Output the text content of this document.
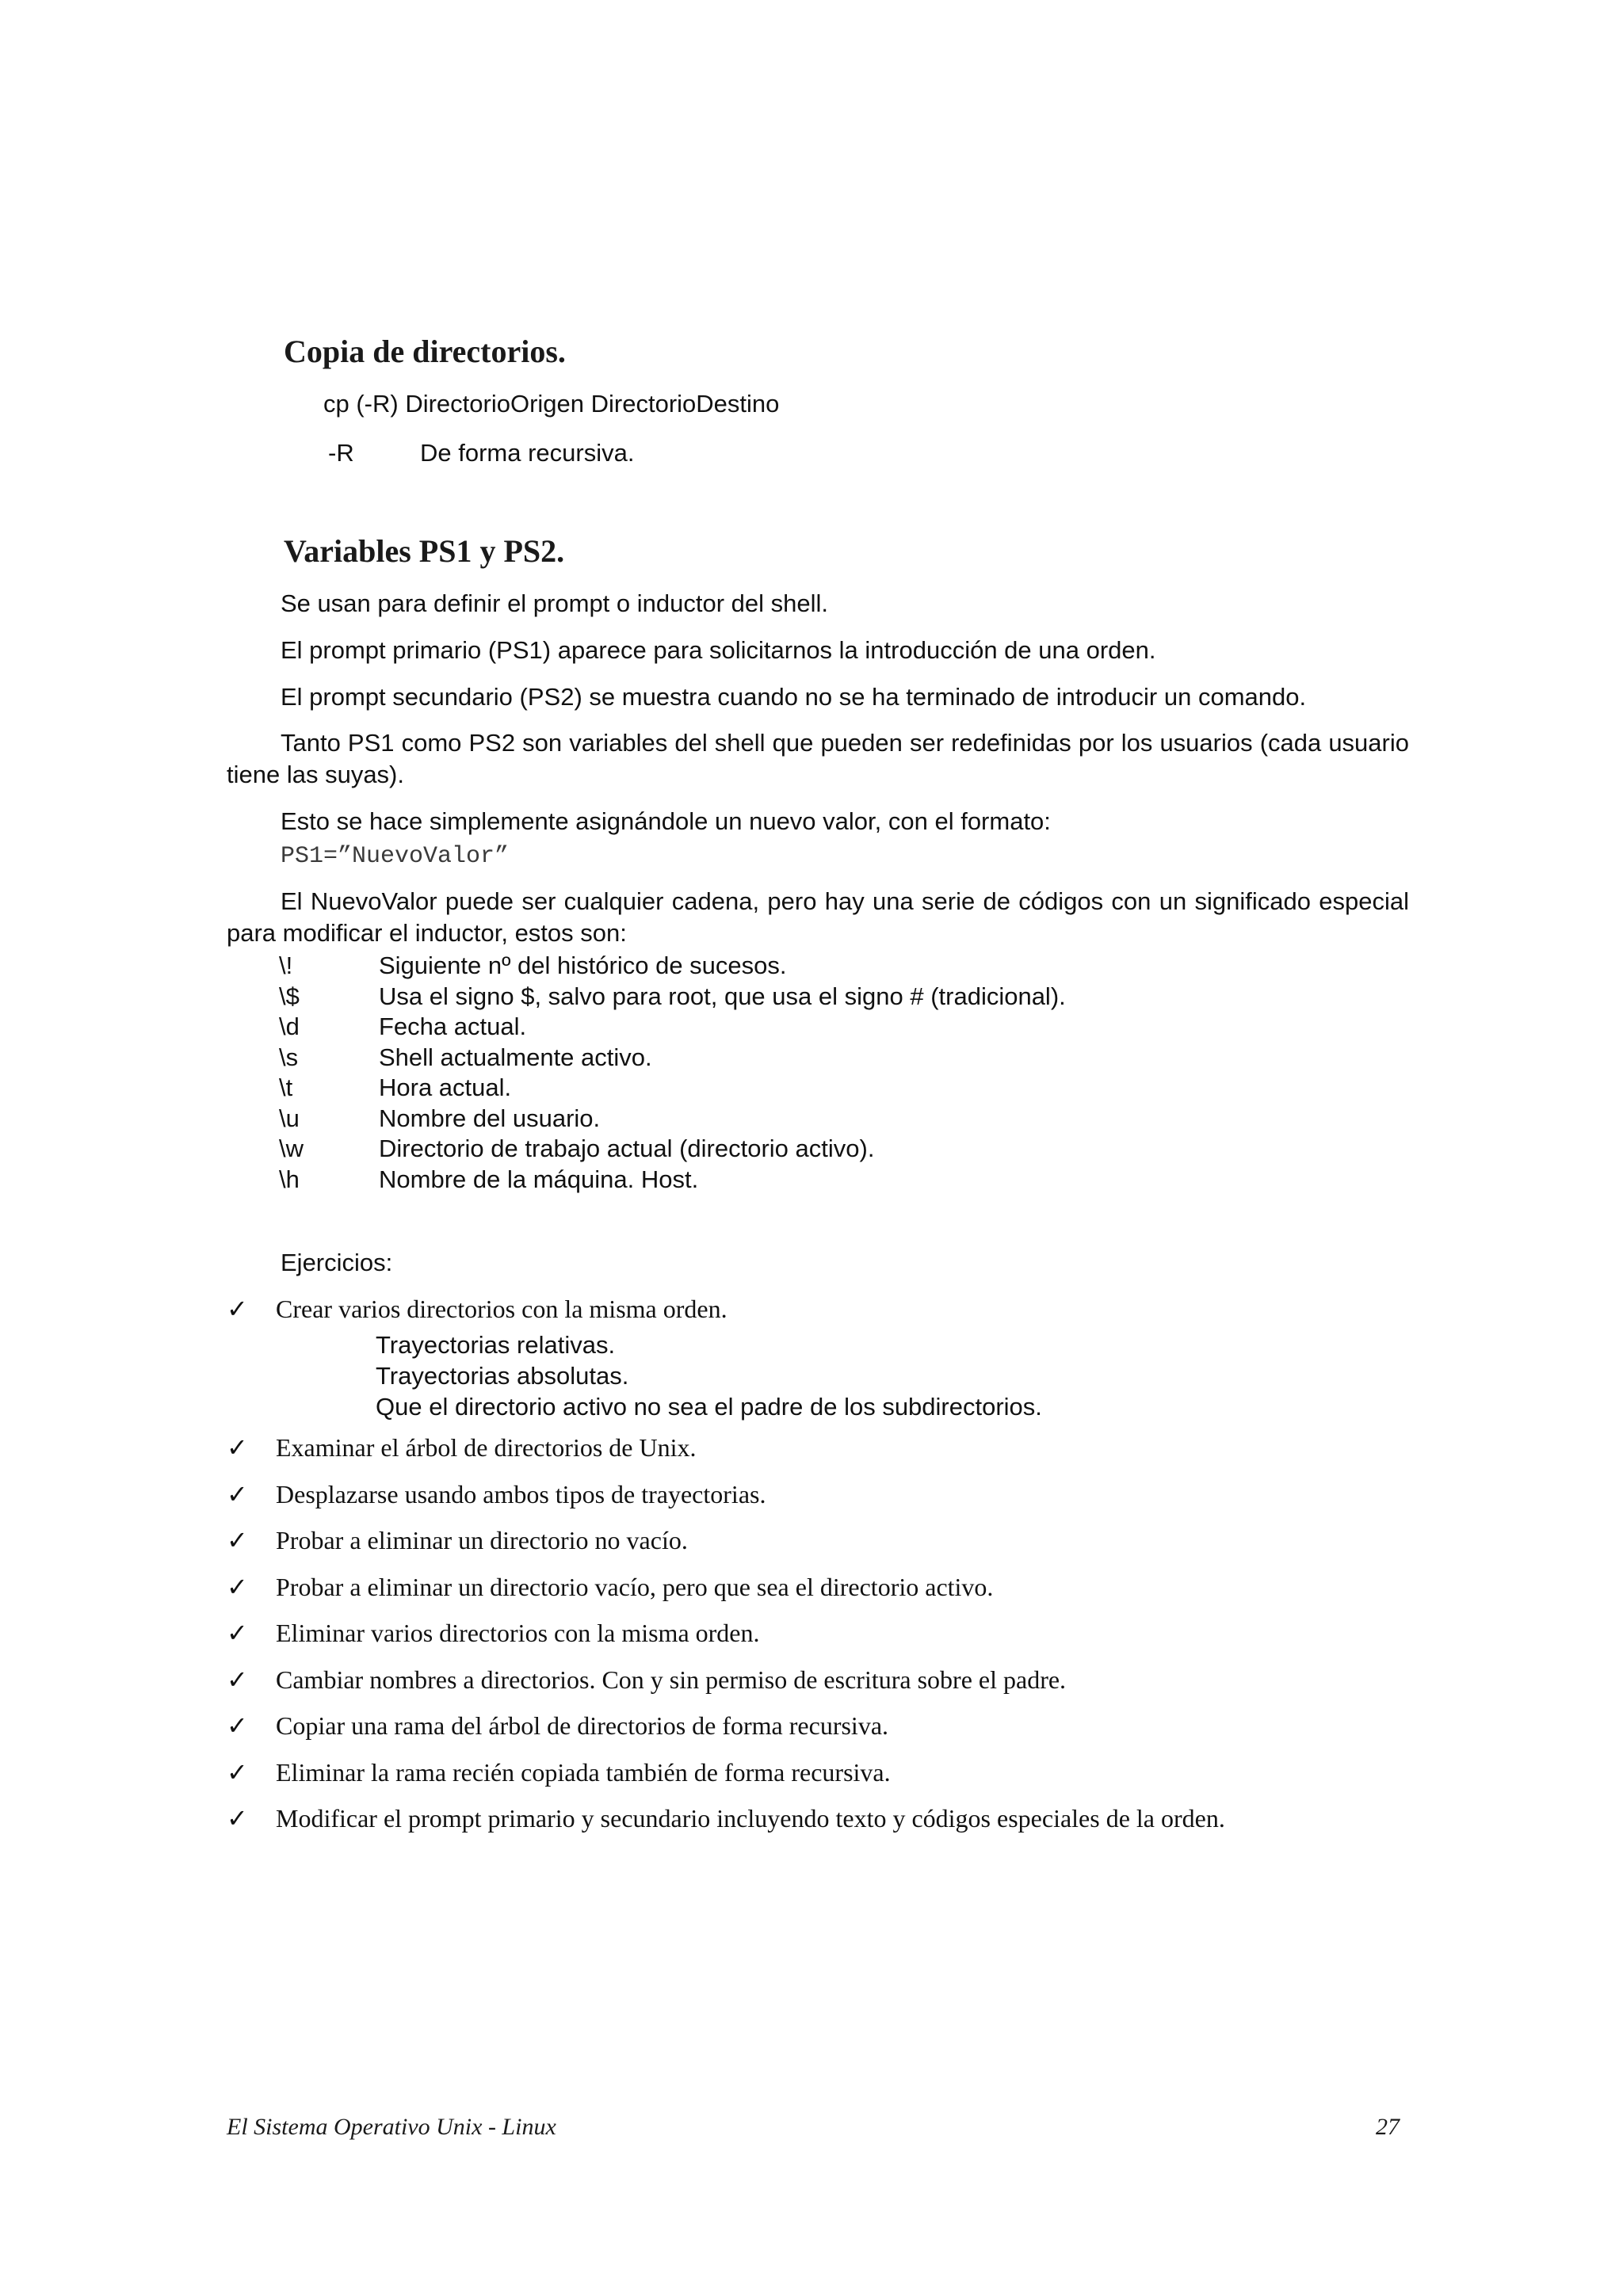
Copia de directorios.

cp (-R) DirectorioOrigen DirectorioDestino

-R	De forma recursiva.
Variables PS1 y PS2.

Se usan para definir el prompt o inductor del shell.

El prompt primario (PS1) aparece para solicitarnos la introducción de una orden.

El prompt secundario (PS2) se muestra cuando no se ha terminado de introducir un comando.

Tanto PS1 como PS2 son variables del shell que pueden ser redefinidas por los usuarios (cada usuario tiene las suyas).

Esto se hace simplemente asignándole un nuevo valor, con el formato:

PS1=”NuevoValor”

El NuevoValor puede ser cualquier cadena, pero hay una serie de códigos con un significado especial para modificar el inductor, estos son:

\!	Siguiente nº del histórico de sucesos.
\$	Usa el signo $, salvo para root, que usa el signo # (tradicional).
\d	Fecha actual.
\s	Shell actualmente activo.
\t	Hora actual.
\u	Nombre del usuario.
\w	Directorio de trabajo actual (directorio activo).
\h	Nombre de la máquina. Host.

Ejercicios:

✓ Crear varios directorios con la misma orden.
Trayectorias relativas.
Trayectorias absolutas.
Que el directorio activo no sea el padre de los subdirectorios.
✓ Examinar el árbol de directorios de Unix.
✓ Desplazarse usando ambos tipos de trayectorias.
✓ Probar a eliminar un directorio no vacío.
✓ Probar a eliminar un directorio vacío, pero que sea el directorio activo.
✓ Eliminar varios directorios con la misma orden.
✓ Cambiar nombres a directorios. Con y sin permiso de escritura sobre el padre.
✓ Copiar una rama del árbol de directorios de forma recursiva.
✓ Eliminar la rama recién copiada también de forma recursiva.
✓ Modificar el prompt primario y secundario incluyendo texto y códigos especiales de la orden.

El Sistema Operativo Unix - Linux	27
